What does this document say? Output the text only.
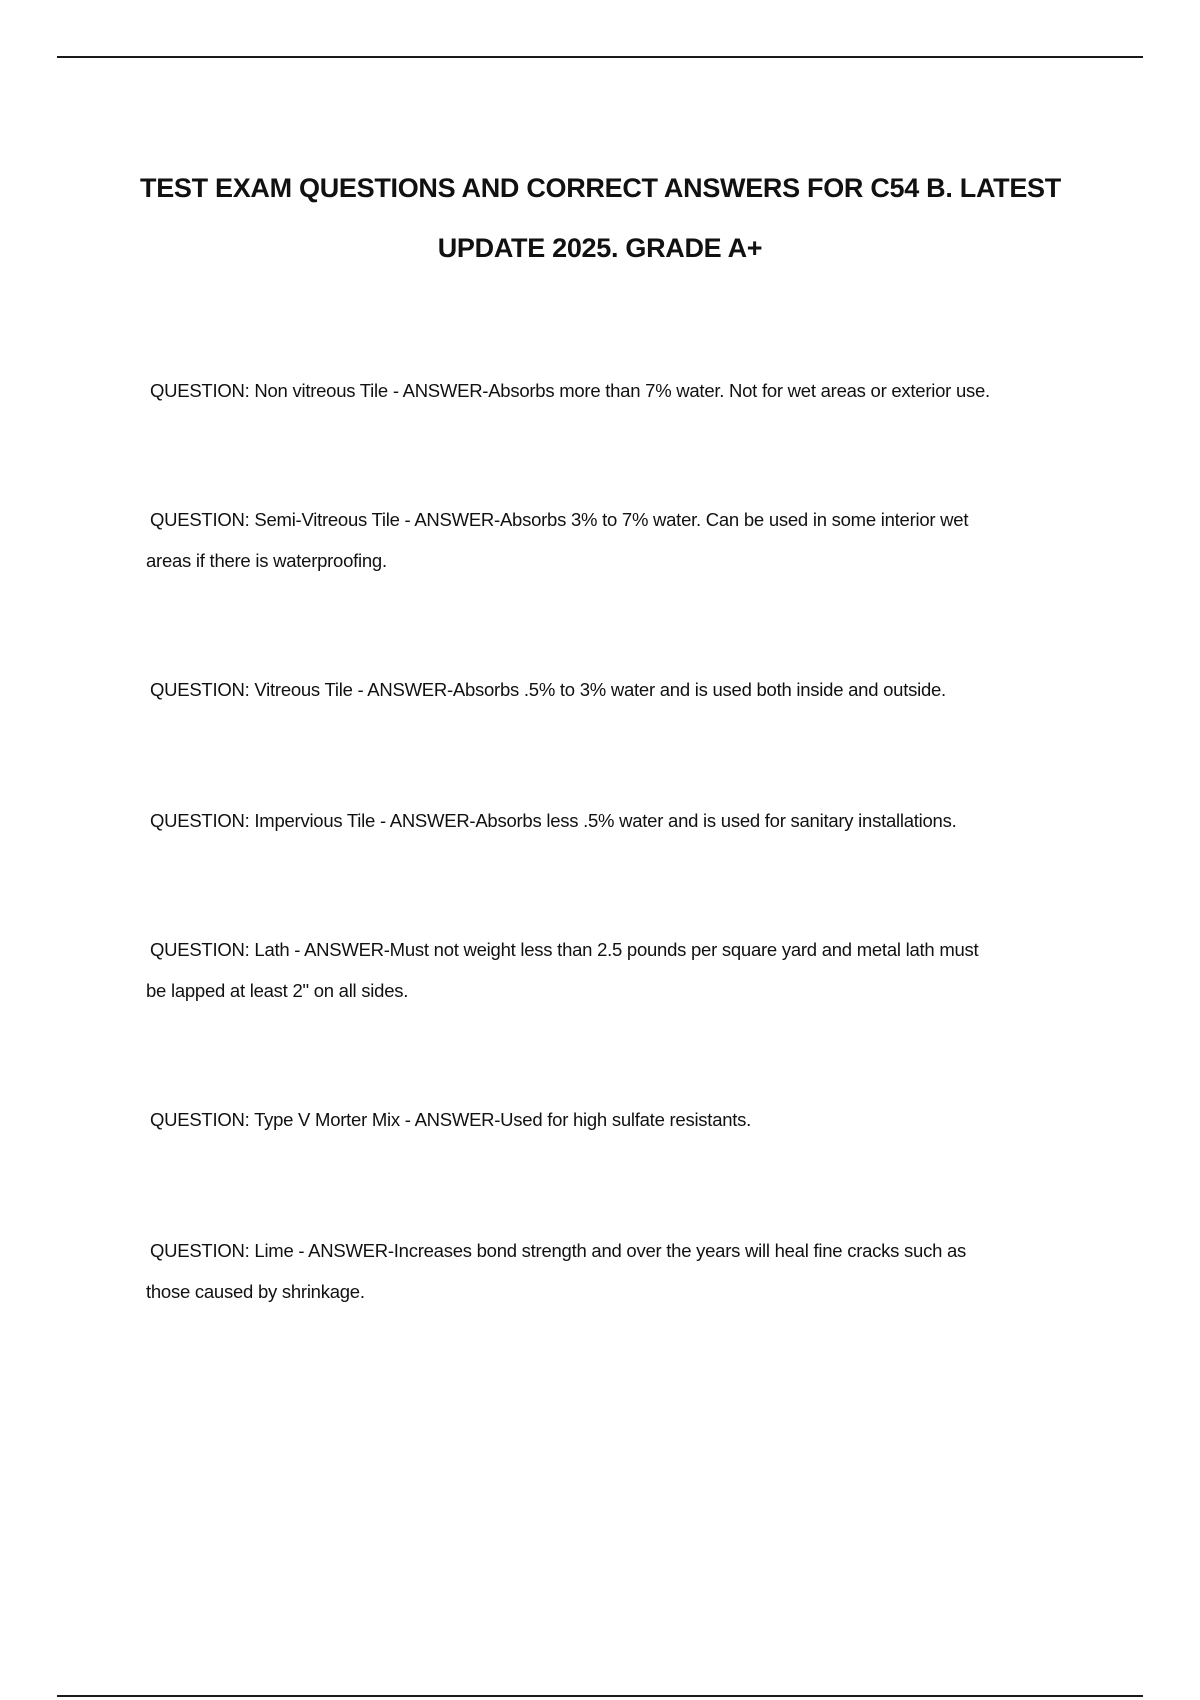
TEST EXAM QUESTIONS AND CORRECT ANSWERS FOR C54 B. LATEST
UPDATE 2025. GRADE A+

QUESTION: Non vitreous Tile - ANSWER-Absorbs more than 7% water. Not for wet areas or exterior use.

QUESTION: Semi-Vitreous Tile - ANSWER-Absorbs 3% to 7% water. Can be used in some interior wet
areas if there is waterproofing.

QUESTION: Vitreous Tile - ANSWER-Absorbs .5% to 3% water and is used both inside and outside.

QUESTION: Impervious Tile - ANSWER-Absorbs less .5% water and is used for sanitary installations.

QUESTION: Lath - ANSWER-Must not weight less than 2.5 pounds per square yard and metal lath must
be lapped at least 2" on all sides.

QUESTION: Type V Morter Mix - ANSWER-Used for high sulfate resistants.

QUESTION: Lime - ANSWER-Increases bond strength and over the years will heal fine cracks such as
those caused by shrinkage.
